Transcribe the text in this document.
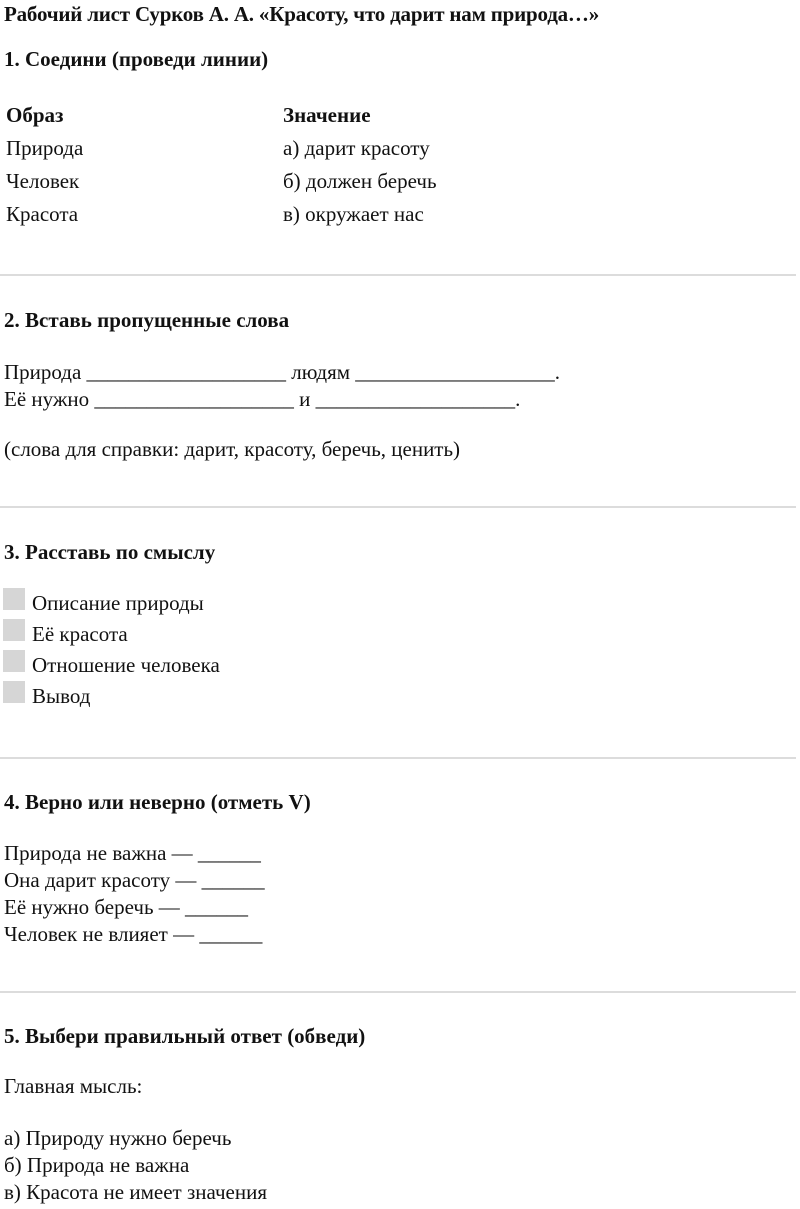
Рабочий лист Сурков А. А. «Красоту, что дарит нам природа…»
1. Соедини (проведи линии)
Образ	Значение
Природа
Человек
Красота
а) дарит красоту
б) должен беречь
в) окружает нас
2. Вставь пропущенные слова
Природа ___________________ людям ___________________.
Её нужно ___________________ и ___________________.
(слова для справки: дарит, красоту, беречь, ценить)
3. Расставь по смыслу
Описание природы
Её красота
Отношение человека
Вывод
4. Верно или неверно (отметь V)
Природа не важна — ______
Она дарит красоту — ______
Её нужно беречь — ______
Человек не влияет — ______
5. Выбери правильный ответ (обведи)
Главная мысль:
а) Природу нужно беречь
б) Природа не важна
в) Красота не имеет значения
